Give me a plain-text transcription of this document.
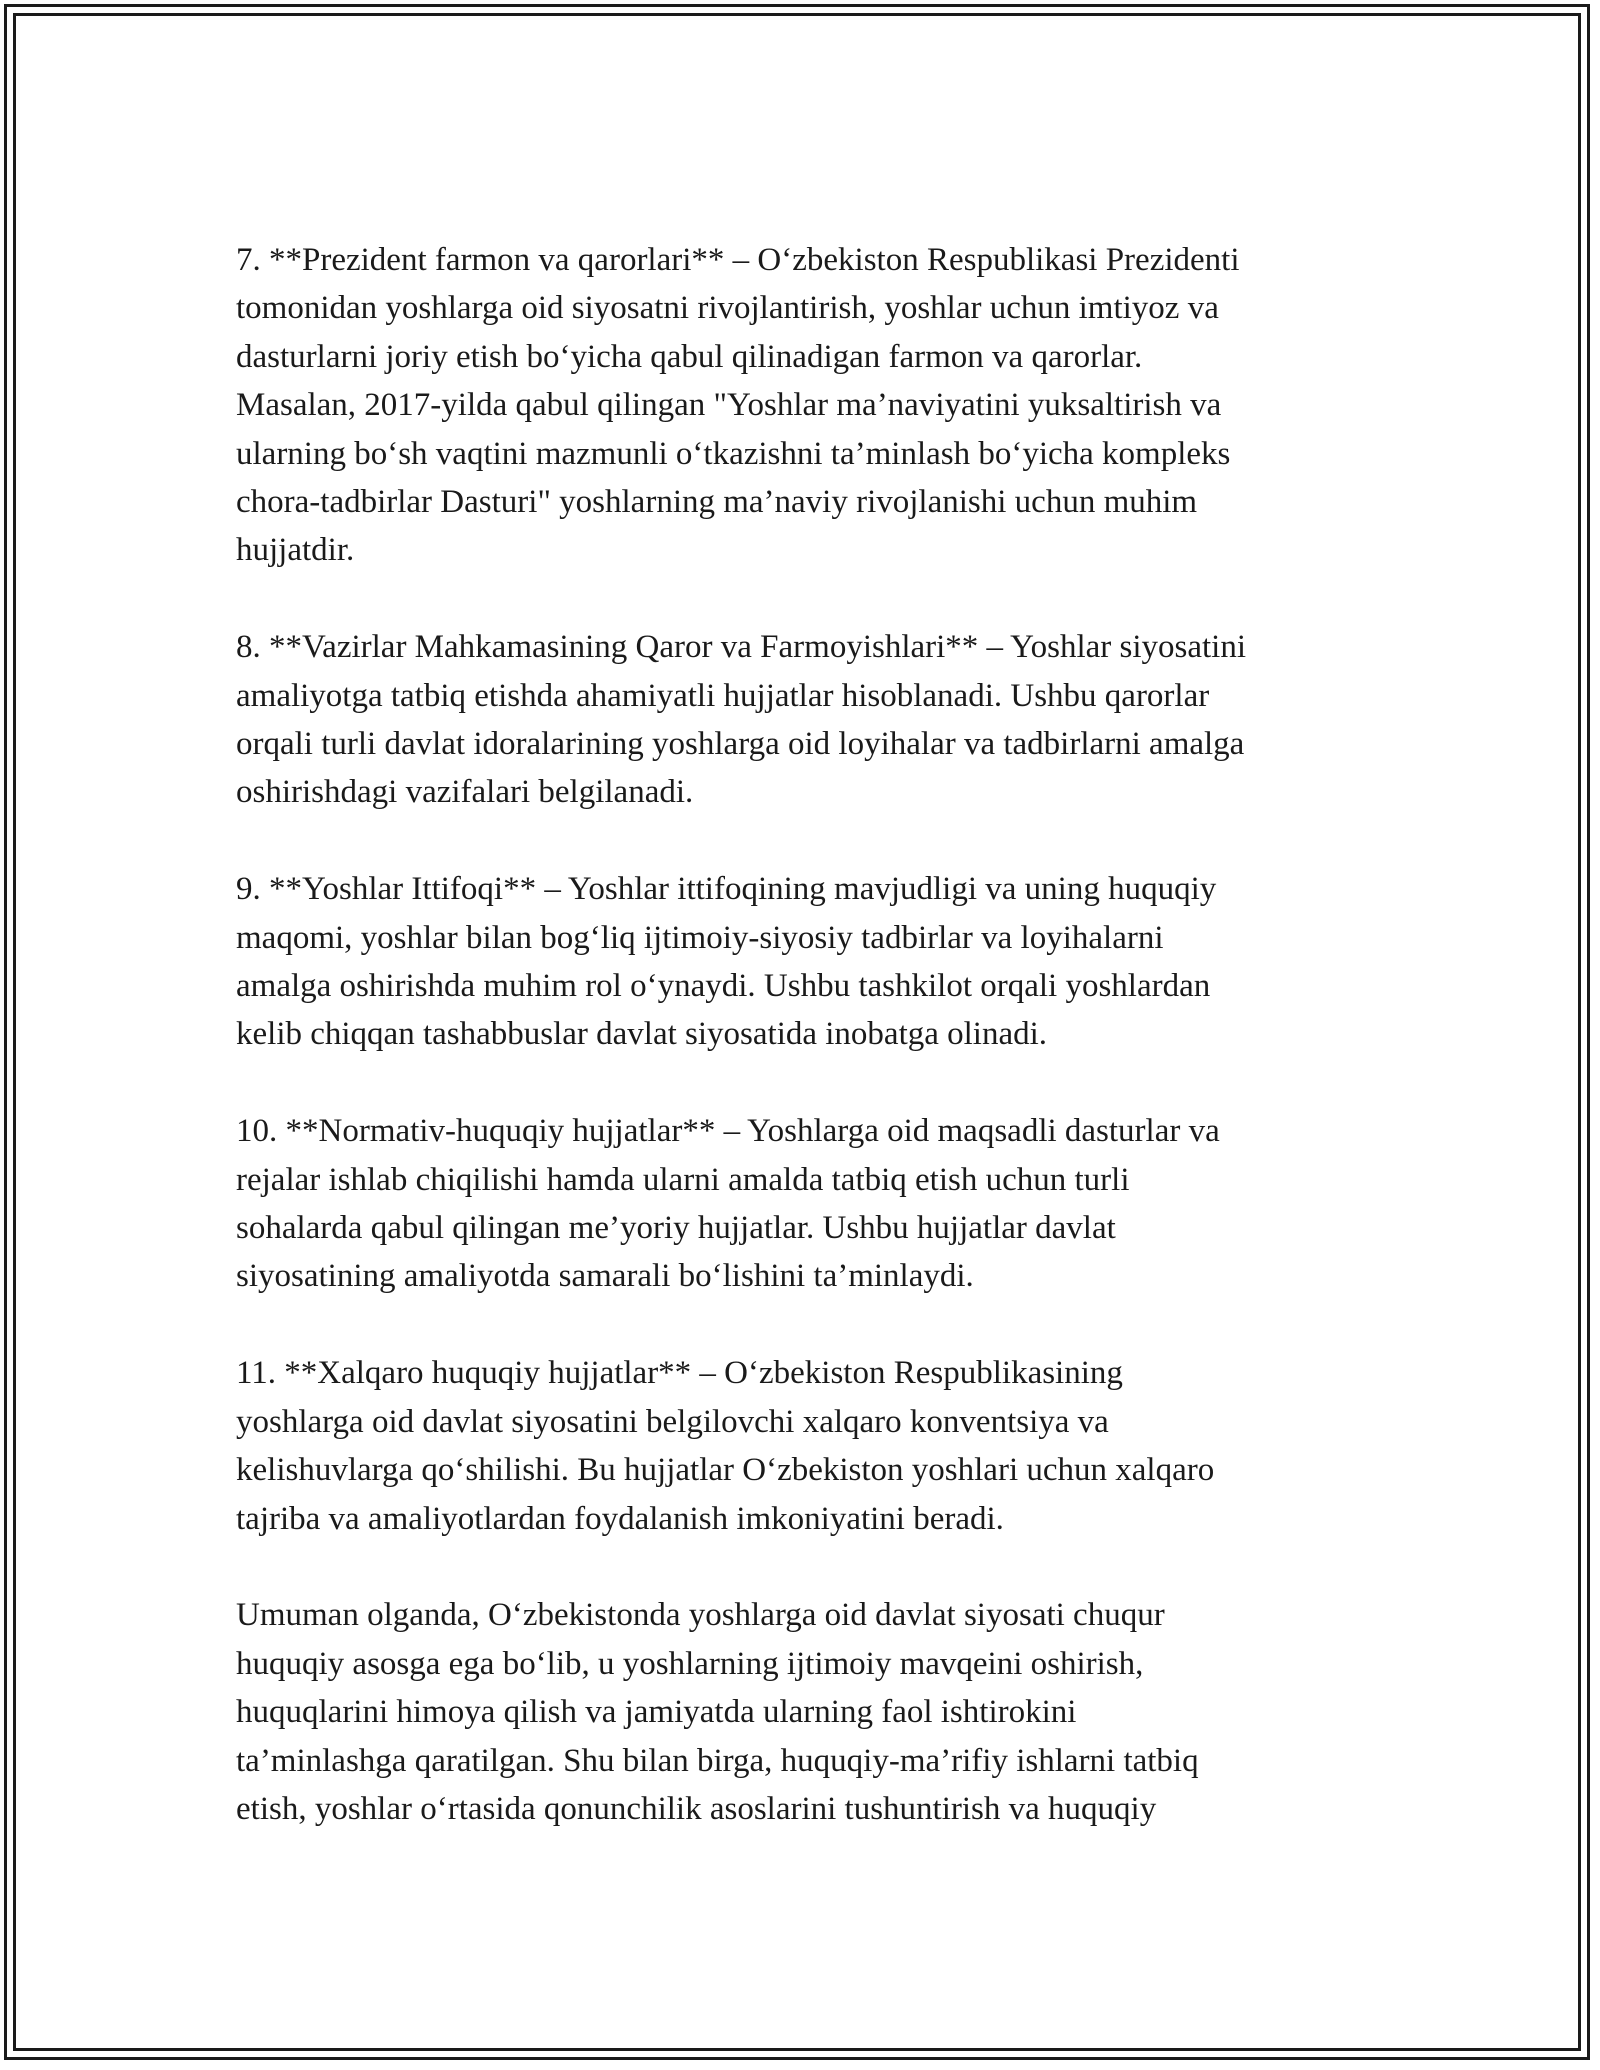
7. **Prezident farmon va qarorlari** – O‘zbekiston Respublikasi Prezidenti
tomonidan yoshlarga oid siyosatni rivojlantirish, yoshlar uchun imtiyoz va
dasturlarni joriy etish bo‘yicha qabul qilinadigan farmon va qarorlar.
Masalan, 2017-yilda qabul qilingan "Yoshlar ma’naviyatini yuksaltirish va
ularning bo‘sh vaqtini mazmunli o‘tkazishni ta’minlash bo‘yicha kompleks
chora-tadbirlar Dasturi" yoshlarning ma’naviy rivojlanishi uchun muhim
hujjatdir.

8. **Vazirlar Mahkamasining Qaror va Farmoyishlari** – Yoshlar siyosatini
amaliyotga tatbiq etishda ahamiyatli hujjatlar hisoblanadi. Ushbu qarorlar
orqali turli davlat idoralarining yoshlarga oid loyihalar va tadbirlarni amalga
oshirishdagi vazifalari belgilanadi.

9. **Yoshlar Ittifoqi** – Yoshlar ittifoqining mavjudligi va uning huquqiy
maqomi, yoshlar bilan bog‘liq ijtimoiy-siyosiy tadbirlar va loyihalarni
amalga oshirishda muhim rol o‘ynaydi. Ushbu tashkilot orqali yoshlardan
kelib chiqqan tashabbuslar davlat siyosatida inobatga olinadi.

10. **Normativ-huquqiy hujjatlar** – Yoshlarga oid maqsadli dasturlar va
rejalar ishlab chiqilishi hamda ularni amalda tatbiq etish uchun turli
sohalarda qabul qilingan me’yoriy hujjatlar. Ushbu hujjatlar davlat
siyosatining amaliyotda samarali bo‘lishini ta’minlaydi.

11. **Xalqaro huquqiy hujjatlar** – O‘zbekiston Respublikasining
yoshlarga oid davlat siyosatini belgilovchi xalqaro konventsiya va
kelishuvlarga qo‘shilishi. Bu hujjatlar O‘zbekiston yoshlari uchun xalqaro
tajriba va amaliyotlardan foydalanish imkoniyatini beradi.

Umuman olganda, O‘zbekistonda yoshlarga oid davlat siyosati chuqur
huquqiy asosga ega bo‘lib, u yoshlarning ijtimoiy mavqeini oshirish,
huquqlarini himoya qilish va jamiyatda ularning faol ishtirokini
ta’minlashga qaratilgan. Shu bilan birga, huquqiy-ma’rifiy ishlarni tatbiq
etish, yoshlar o‘rtasida qonunchilik asoslarini tushuntirish va huquqiy
